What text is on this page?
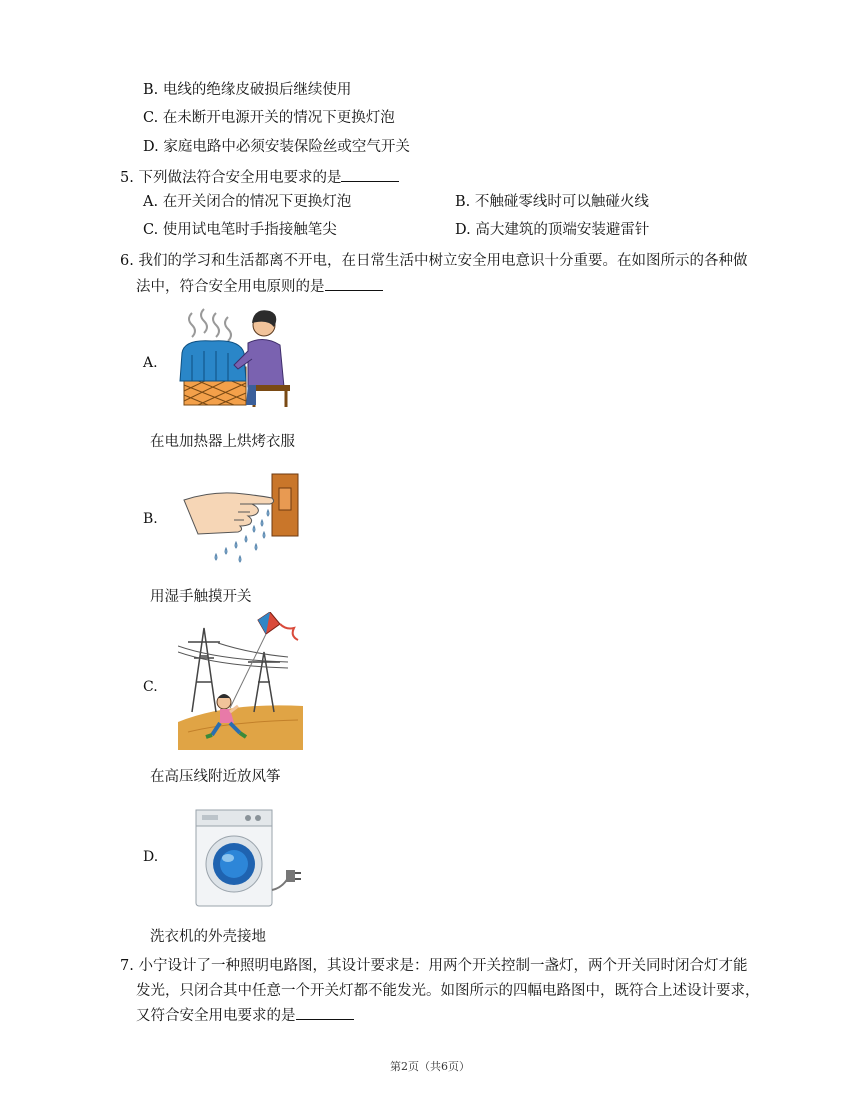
B. 电线的绝缘皮破损后继续使用
C. 在未断开电源开关的情况下更换灯泡
D. 家庭电路中必须安装保险丝或空气开关
5. 下列做法符合安全用电要求的是
A. 在开关闭合的情况下更换灯泡	B. 不触碰零线时可以触碰火线
C. 使用试电笔时手指接触笔尖	D. 高大建筑的顶端安装避雷针
6. 我们的学习和生活都离不开电，在日常生活中树立安全用电意识十分重要。在如图所示的各种做
法中，符合安全用电原则的是
A.
在电加热器上烘烤衣服
B.
用湿手触摸开关
C.
在高压线附近放风筝
D.
洗衣机的外壳接地
7. 小宁设计了一种照明电路图，其设计要求是：用两个开关控制一盏灯，两个开关同时闭合灯才能
发光，只闭合其中任意一个开关灯都不能发光。如图所示的四幅电路图中，既符合上述设计要求，
又符合安全用电要求的是
第2页（共6页）
